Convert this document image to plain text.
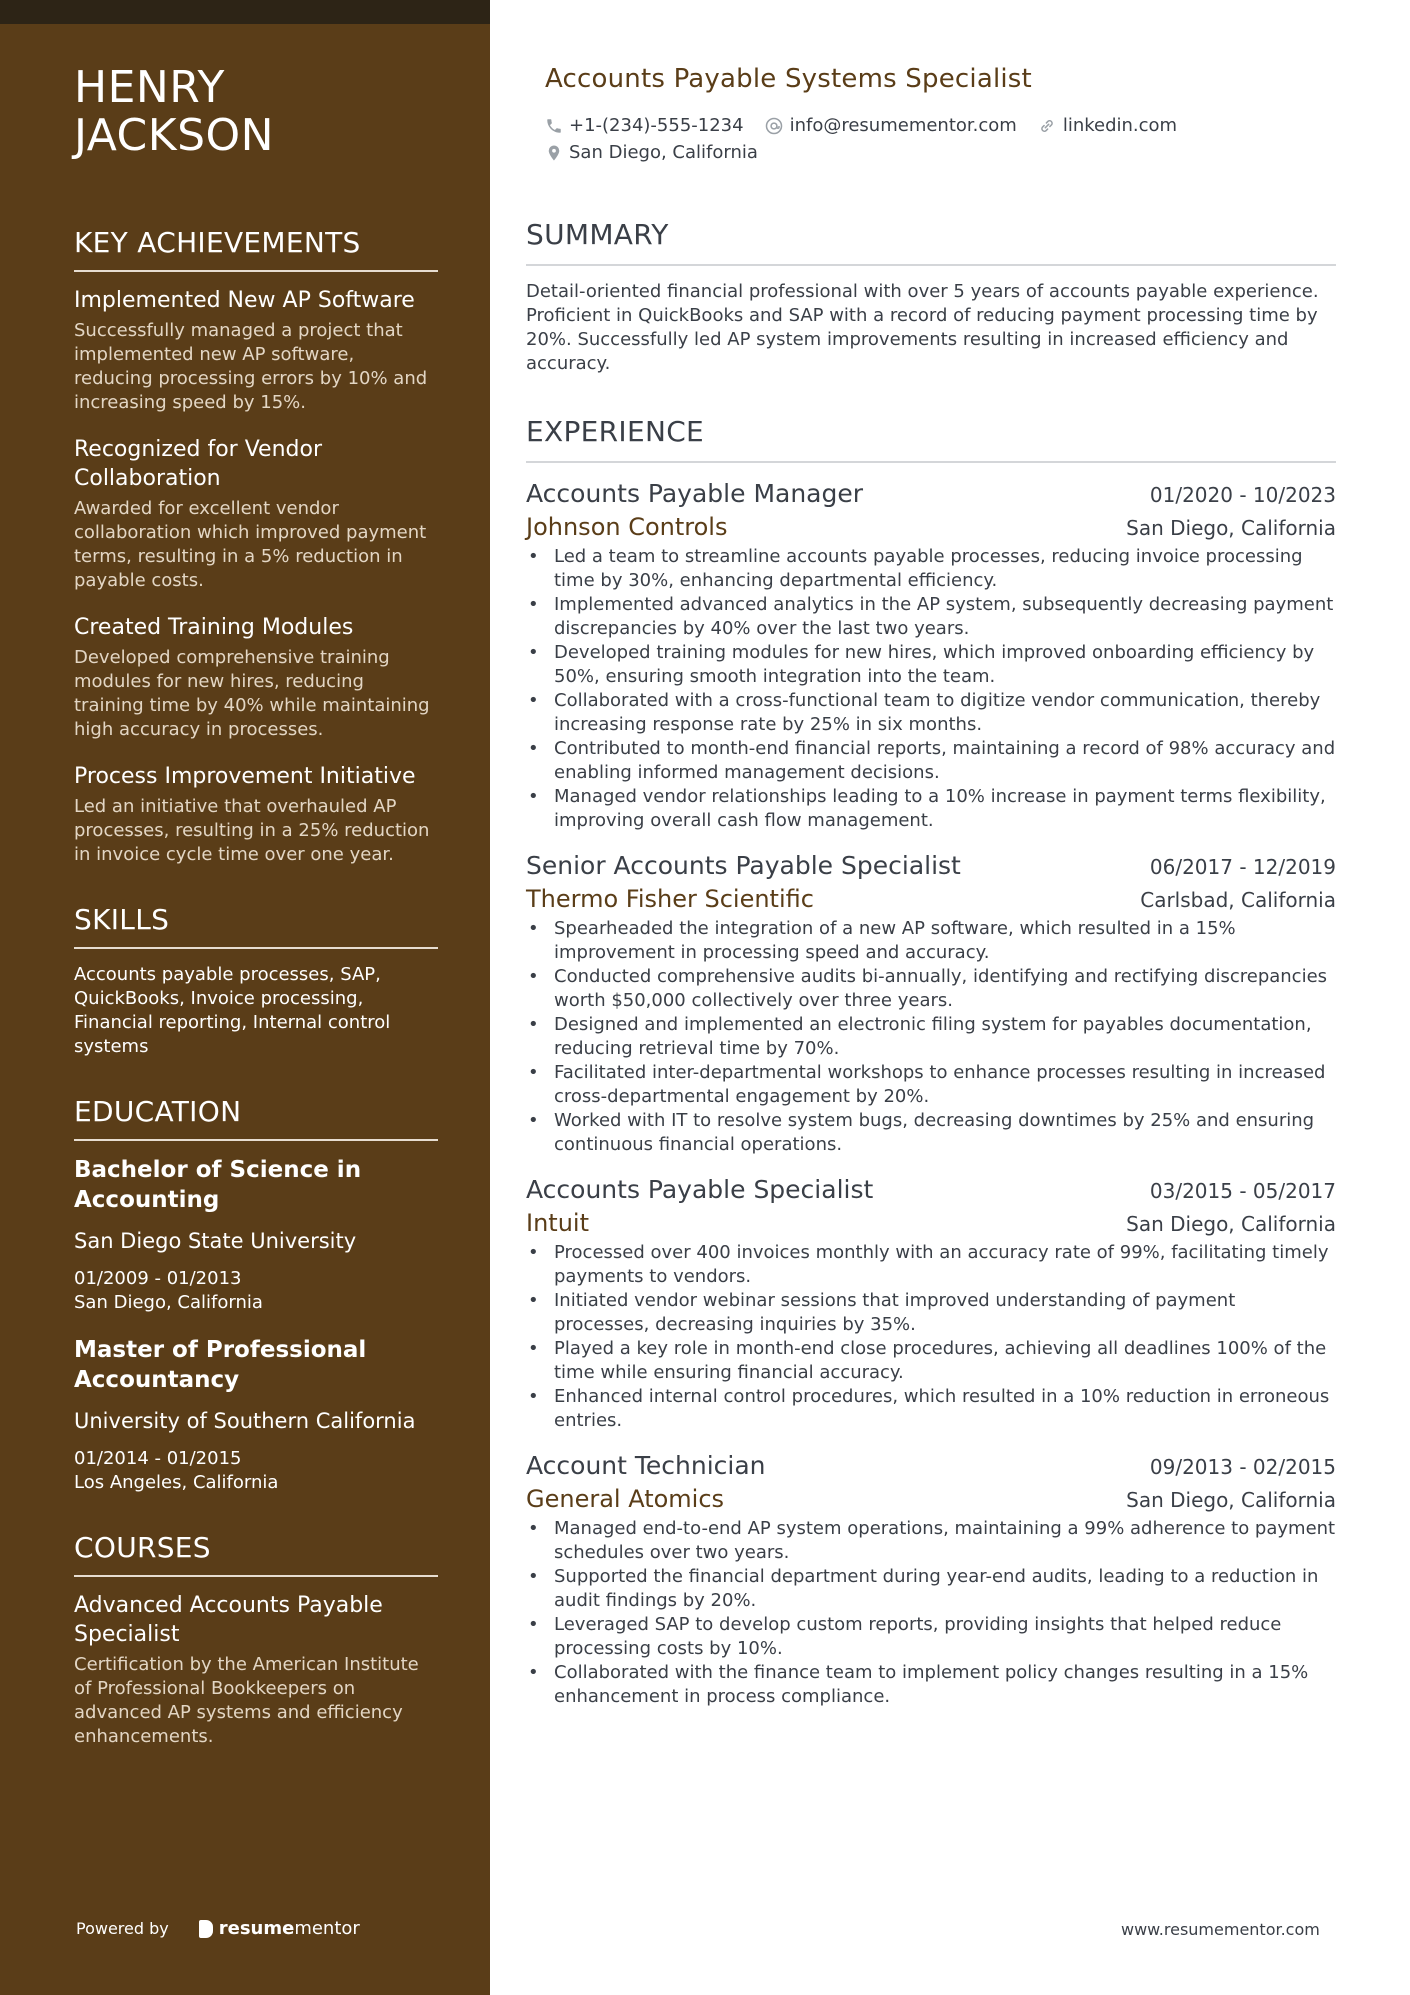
HENRY
JACKSON
KEY ACHIEVEMENTS
Implemented New AP Software

Successfully managed a project that implemented new AP software, reducing processing errors by 10% and increasing speed by 15%.

Recognized for Vendor Collaboration

Awarded for excellent vendor collaboration which improved payment terms, resulting in a 5% reduction in payable costs.

Created Training Modules

Developed comprehensive training modules for new hires, reducing training time by 40% while maintaining high accuracy in processes.

Process Improvement Initiative

Led an initiative that overhauled AP processes, resulting in a 25% reduction in invoice cycle time over one year.

SKILLS

Accounts payable processes, SAP, QuickBooks, Invoice processing, Financial reporting, Internal control systems

EDUCATION
Bachelor of Science in Accounting
San Diego State University
01/2009 - 01/2013
San Diego, California
Master of Professional Accountancy
University of Southern California
01/2014 - 01/2015
Los Angeles, California
COURSES
Advanced Accounts Payable Specialist

Certification by the American Institute of Professional Bookkeepers on advanced AP systems and efficiency enhancements.

Powered by	resume mentor
Accounts Payable Systems Specialist
+1-(234)-555-1234	info@resumementor.com	linkedin.com
San Diego, California
SUMMARY

Detail-oriented financial professional with over 5 years of accounts payable experience. Proficient in QuickBooks and SAP with a record of reducing payment processing time by 20%. Successfully led AP system improvements resulting in increased efficiency and accuracy.

EXPERIENCE
Accounts Payable Manager	01/2020 - 10/2023
Johnson Controls	San Diego, California
• Led a team to streamline accounts payable processes, reducing invoice processing time by 30%, enhancing departmental efficiency.
• Implemented advanced analytics in the AP system, subsequently decreasing payment discrepancies by 40% over the last two years.
• Developed training modules for new hires, which improved onboarding efficiency by 50%, ensuring smooth integration into the team.
• Collaborated with a cross-functional team to digitize vendor communication, thereby increasing response rate by 25% in six months.
• Contributed to month-end financial reports, maintaining a record of 98% accuracy and enabling informed management decisions.
• Managed vendor relationships leading to a 10% increase in payment terms flexibility, improving overall cash flow management.
Senior Accounts Payable Specialist	06/2017 - 12/2019
Thermo Fisher Scientific	Carlsbad, California
• Spearheaded the integration of a new AP software, which resulted in a 15% improvement in processing speed and accuracy.
• Conducted comprehensive audits bi-annually, identifying and rectifying discrepancies worth $50,000 collectively over three years.
• Designed and implemented an electronic filing system for payables documentation, reducing retrieval time by 70%.
• Facilitated inter-departmental workshops to enhance processes resulting in increased cross-departmental engagement by 20%.
• Worked with IT to resolve system bugs, decreasing downtimes by 25% and ensuring continuous financial operations.
Accounts Payable Specialist	03/2015 - 05/2017
Intuit	San Diego, California
• Processed over 400 invoices monthly with an accuracy rate of 99%, facilitating timely payments to vendors.
• Initiated vendor webinar sessions that improved understanding of payment processes, decreasing inquiries by 35%.
• Played a key role in month-end close procedures, achieving all deadlines 100% of the time while ensuring financial accuracy.
• Enhanced internal control procedures, which resulted in a 10% reduction in erroneous entries.
Account Technician	09/2013 - 02/2015
General Atomics	San Diego, California
• Managed end-to-end AP system operations, maintaining a 99% adherence to payment schedules over two years.
• Supported the financial department during year-end audits, leading to a reduction in audit findings by 20%.
• Leveraged SAP to develop custom reports, providing insights that helped reduce processing costs by 10%.
• Collaborated with the finance team to implement policy changes resulting in a 15% enhancement in process compliance.
www.resumementor.com
